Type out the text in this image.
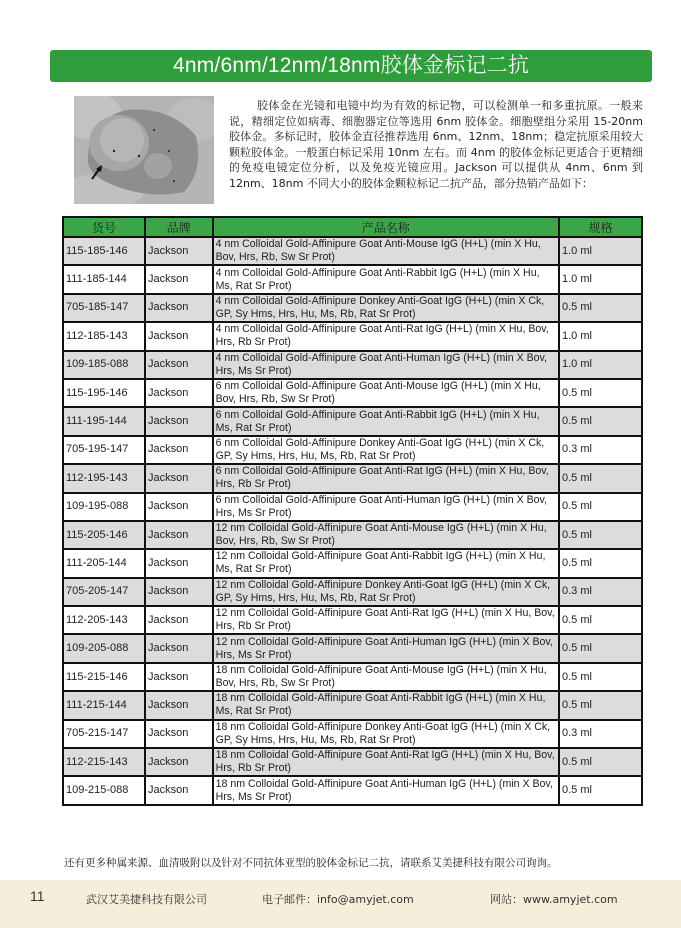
4nm/6nm/12nm/18nm胶体金标记二抗
胶体金在光镜和电镜中均为有效的标记物，可以检测单一和多重抗原。一般来说，精细定位如病毒、细胞器定位等选用 6nm 胶体金。细胞壁组分采用 15-20nm 胶体金。多标记时，胶体金直径推荐选用 6nm、12nm、18nm；稳定抗原采用较大颗粒胶体金。一般蛋白标记采用 10nm 左右。而 4nm 的胶体金标记更适合于更精细的免疫电镜定位分析，以及免疫光镜应用。Jackson 可以提供从 4nm、6nm 到 12nm、18nm 不同大小的胶体金颗粒标记二抗产品，部分热销产品如下：
货号	品牌	产品名称	规格
115-185-146	Jackson	4 nm Colloidal Gold-Affinipure Goat Anti-Mouse IgG (H+L) (min X Hu, Bov, Hrs, Rb, Sw Sr Prot)	1.0 ml
111-185-144	Jackson	4 nm Colloidal Gold-Affinipure Goat Anti-Rabbit IgG (H+L) (min X Hu, Ms, Rat Sr Prot)	1.0 ml
705-185-147	Jackson	4 nm Colloidal Gold-Affinipure Donkey Anti-Goat IgG (H+L) (min X Ck, GP, Sy Hms, Hrs, Hu, Ms, Rb, Rat Sr Prot)	0.5 ml
112-185-143	Jackson	4 nm Colloidal Gold-Affinipure Goat Anti-Rat IgG (H+L) (min X Hu, Bov, Hrs, Rb Sr Prot)	1.0 ml
109-185-088	Jackson	4 nm Colloidal Gold-Affinipure Goat Anti-Human IgG (H+L) (min X Bov, Hrs, Ms Sr Prot)	1.0 ml
115-195-146	Jackson	6 nm Colloidal Gold-Affinipure Goat Anti-Mouse IgG (H+L) (min X Hu, Bov, Hrs, Rb, Sw Sr Prot)	0.5 ml
111-195-144	Jackson	6 nm Colloidal Gold-Affinipure Goat Anti-Rabbit IgG (H+L) (min X Hu, Ms, Rat Sr Prot)	0.5 ml
705-195-147	Jackson	6 nm Colloidal Gold-Affinipure Donkey Anti-Goat IgG (H+L) (min X Ck, GP, Sy Hms, Hrs, Hu, Ms, Rb, Rat Sr Prot)	0.3 ml
112-195-143	Jackson	6 nm Colloidal Gold-Affinipure Goat Anti-Rat IgG (H+L) (min X Hu, Bov, Hrs, Rb Sr Prot)	0.5 ml
109-195-088	Jackson	6 nm Colloidal Gold-Affinipure Goat Anti-Human IgG (H+L) (min X Bov, Hrs, Ms Sr Prot)	0.5 ml
115-205-146	Jackson	12 nm Colloidal Gold-Affinipure Goat Anti-Mouse IgG (H+L) (min X Hu, Bov, Hrs, Rb, Sw Sr Prot)	0.5 ml
111-205-144	Jackson	12 nm Colloidal Gold-Affinipure Goat Anti-Rabbit IgG (H+L) (min X Hu, Ms, Rat Sr Prot)	0.5 ml
705-205-147	Jackson	12 nm Colloidal Gold-Affinipure Donkey Anti-Goat IgG (H+L) (min X Ck, GP, Sy Hms, Hrs, Hu, Ms, Rb, Rat Sr Prot)	0.3 ml
112-205-143	Jackson	12 nm Colloidal Gold-Affinipure Goat Anti-Rat IgG (H+L) (min X Hu, Bov, Hrs, Rb Sr Prot)	0.5 ml
109-205-088	Jackson	12 nm Colloidal Gold-Affinipure Goat Anti-Human IgG (H+L) (min X Bov, Hrs, Ms Sr Prot)	0.5 ml
115-215-146	Jackson	18 nm Colloidal Gold-Affinipure Goat Anti-Mouse IgG (H+L) (min X Hu, Bov, Hrs, Rb, Sw Sr Prot)	0.5 ml
111-215-144	Jackson	18 nm Colloidal Gold-Affinipure Goat Anti-Rabbit IgG (H+L) (min X Hu, Ms, Rat Sr Prot)	0.5 ml
705-215-147	Jackson	18 nm Colloidal Gold-Affinipure Donkey Anti-Goat IgG (H+L) (min X Ck, GP, Sy Hms, Hrs, Hu, Ms, Rb, Rat Sr Prot)	0.3 ml
112-215-143	Jackson	18 nm Colloidal Gold-Affinipure Goat Anti-Rat IgG (H+L) (min X Hu, Bov, Hrs, Rb Sr Prot)	0.5 ml
109-215-088	Jackson	18 nm Colloidal Gold-Affinipure Goat Anti-Human IgG (H+L) (min X Bov, Hrs, Ms Sr Prot)	0.5 ml
还有更多种属来源、血清吸附以及针对不同抗体亚型的胶体金标记二抗，请联系艾美捷科技有限公司询询。
11	武汉艾美捷科技有限公司	电子邮件：info@amyjet.com	网站：www.amyjet.com
